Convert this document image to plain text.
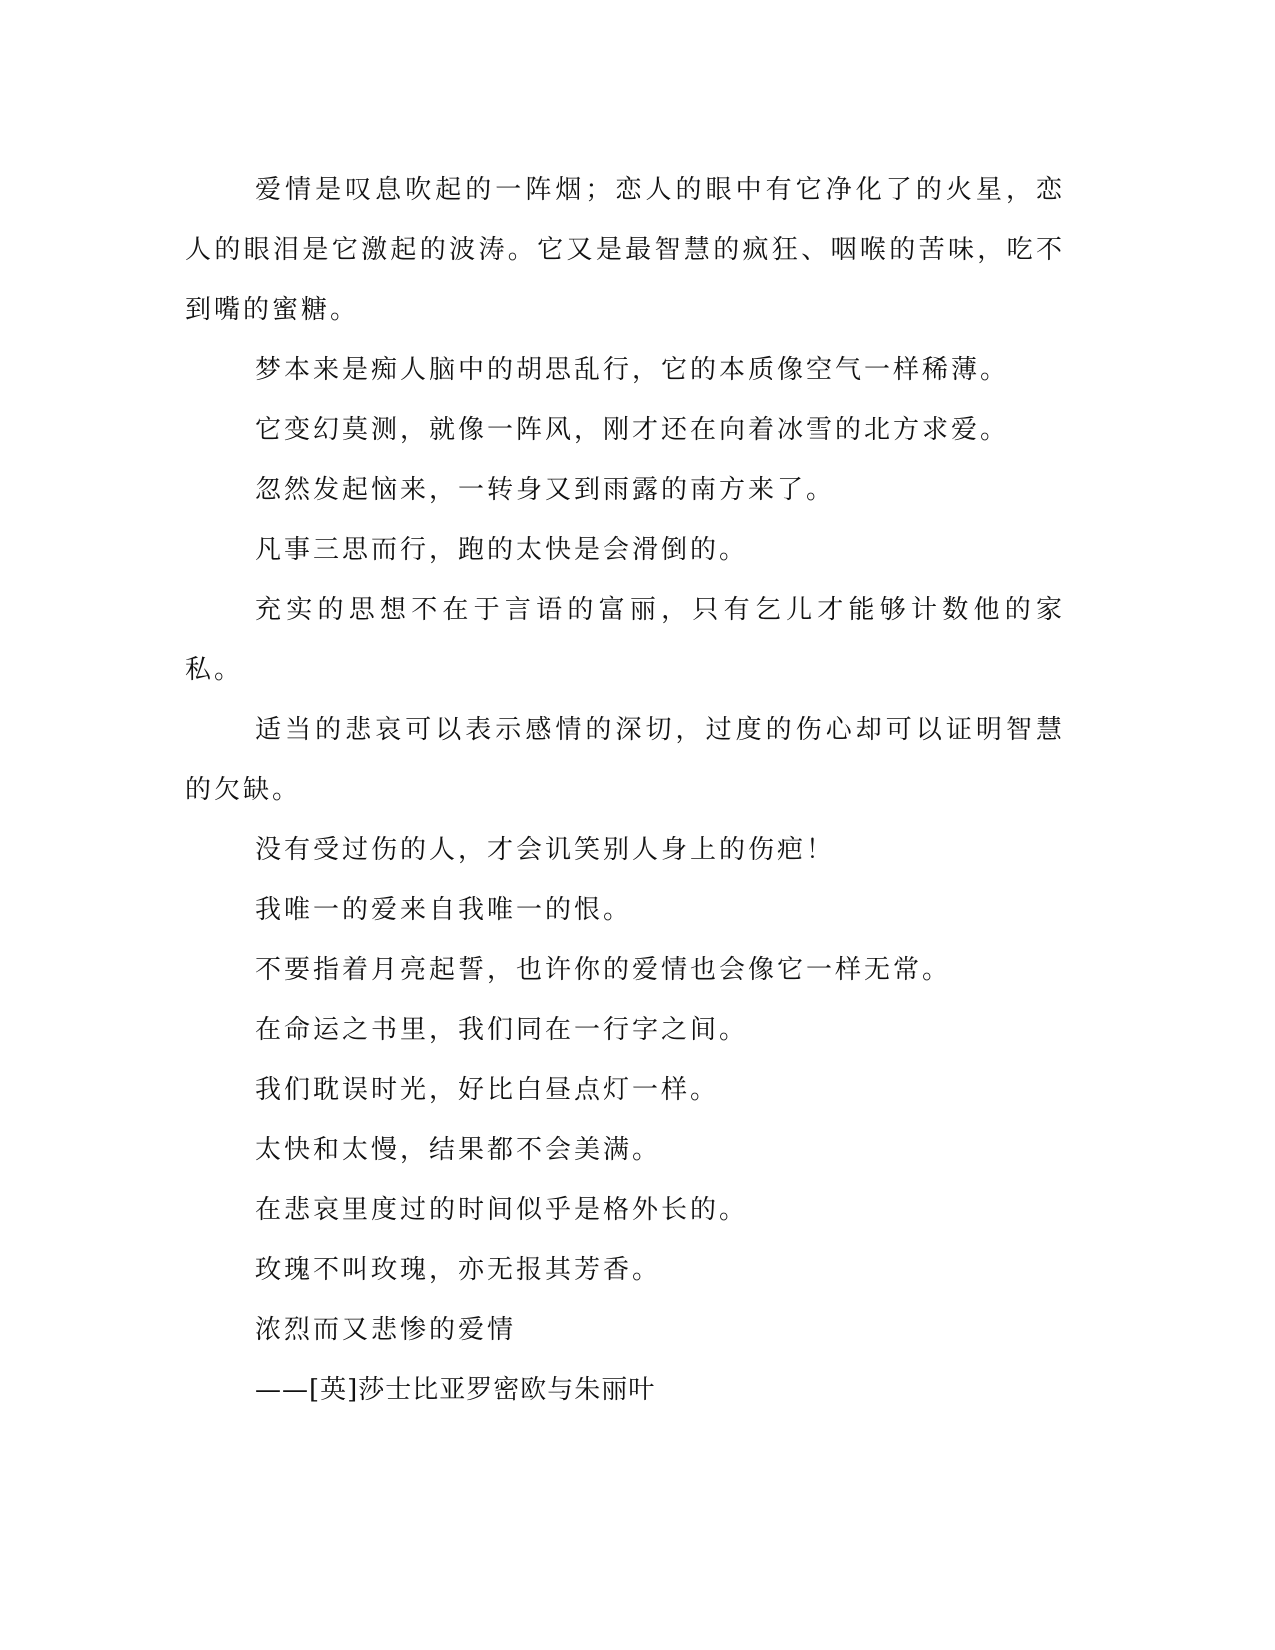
爱情是叹息吹起的一阵烟；恋人的眼中有它净化了的火星，恋人的眼泪是它激起的波涛。它又是最智慧的疯狂、咽喉的苦味，吃不到嘴的蜜糖。

梦本来是痴人脑中的胡思乱行，它的本质像空气一样稀薄。

它变幻莫测，就像一阵风，刚才还在向着冰雪的北方求爱。

忽然发起恼来，一转身又到雨露的南方来了。

凡事三思而行，跑的太快是会滑倒的。

充实的思想不在于言语的富丽，只有乞儿才能够计数他的家私。

适当的悲哀可以表示感情的深切，过度的伤心却可以证明智慧的欠缺。

没有受过伤的人，才会讥笑别人身上的伤疤！

我唯一的爱来自我唯一的恨。

不要指着月亮起誓，也许你的爱情也会像它一样无常。

在命运之书里，我们同在一行字之间。

我们耽误时光，好比白昼点灯一样。

太快和太慢，结果都不会美满。

在悲哀里度过的时间似乎是格外长的。

玫瑰不叫玫瑰，亦无报其芳香。

浓烈而又悲惨的爱情

——[英]莎士比亚罗密欧与朱丽叶
